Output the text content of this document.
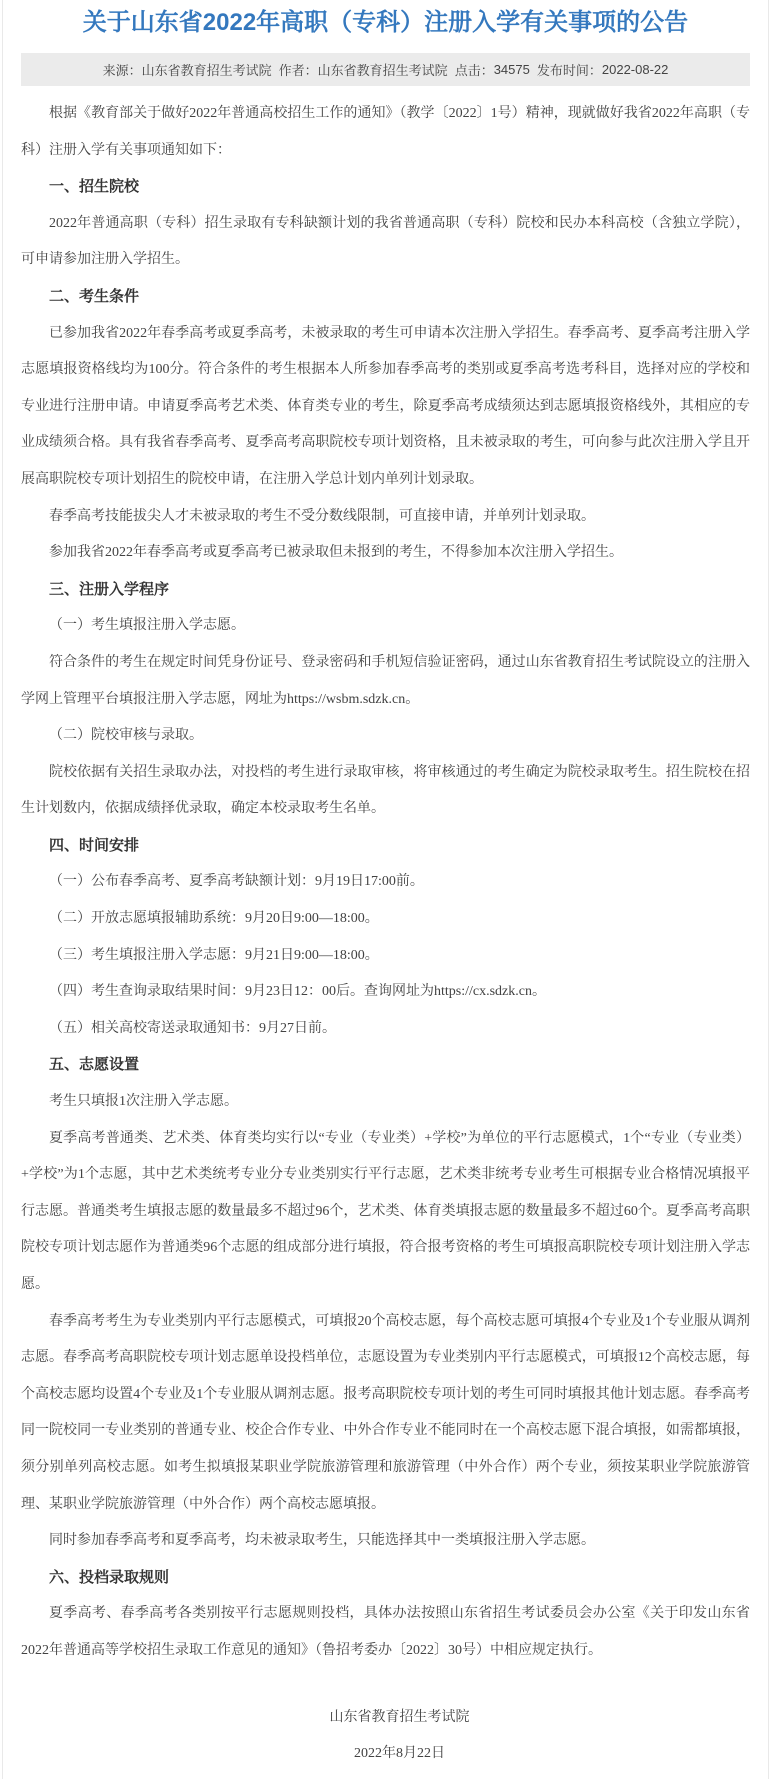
关于山东省2022年高职（专科）注册入学有关事项的公告
来源： 山东省教育招生考试院 作者： 山东省教育招生考试院 点击： 34575 发布时间： 2022-08-22

根据《教育部关于做好2022年普通高校招生工作的通知》（教学〔2022〕1号）精神，现就做好我省2022年高职（专科）注册入学有关事项通知如下：

一、招生院校

2022年普通高职（专科）招生录取有专科缺额计划的我省普通高职（专科）院校和民办本科高校（含独立学院），可申请参加注册入学招生。

二、考生条件

已参加我省2022年春季高考或夏季高考，未被录取的考生可申请本次注册入学招生。春季高考、夏季高考注册入学志愿填报资格线均为100分。符合条件的考生根据本人所参加春季高考的类别或夏季高考选考科目，选择对应的学校和专业进行注册申请。申请夏季高考艺术类、体育类专业的考生，除夏季高考成绩须达到志愿填报资格线外，其相应的专业成绩须合格。具有我省春季高考、夏季高考高职院校专项计划资格，且未被录取的考生，可向参与此次注册入学且开展高职院校专项计划招生的院校申请，在注册入学总计划内单列计划录取。

春季高考技能拔尖人才未被录取的考生不受分数线限制，可直接申请，并单列计划录取。

参加我省2022年春季高考或夏季高考已被录取但未报到的考生，不得参加本次注册入学招生。

三、注册入学程序

（一）考生填报注册入学志愿。

符合条件的考生在规定时间凭身份证号、登录密码和手机短信验证密码，通过山东省教育招生考试院设立的注册入学网上管理平台填报注册入学志愿，网址为https://wsbm.sdzk.cn。

（二）院校审核与录取。

院校依据有关招生录取办法，对投档的考生进行录取审核，将审核通过的考生确定为院校录取考生。招生院校在招生计划数内，依据成绩择优录取，确定本校录取考生名单。

四、时间安排

（一）公布春季高考、夏季高考缺额计划：9月19日17:00前。

（二）开放志愿填报辅助系统：9月20日9:00—18:00。

（三）考生填报注册入学志愿：9月21日9:00—18:00。

（四）考生查询录取结果时间：9月23日12：00后。查询网址为https://cx.sdzk.cn。

（五）相关高校寄送录取通知书：9月27日前。

五、志愿设置

考生只填报1次注册入学志愿。

夏季高考普通类、艺术类、体育类均实行以“专业（专业类）+学校”为单位的平行志愿模式，1个“专业（专业类）+学校”为1个志愿，其中艺术类统考专业分专业类别实行平行志愿，艺术类非统考专业考生可根据专业合格情况填报平行志愿。普通类考生填报志愿的数量最多不超过96个，艺术类、体育类填报志愿的数量最多不超过60个。夏季高考高职院校专项计划志愿作为普通类96个志愿的组成部分进行填报，符合报考资格的考生可填报高职院校专项计划注册入学志愿。

春季高考考生为专业类别内平行志愿模式，可填报20个高校志愿，每个高校志愿可填报4个专业及1个专业服从调剂志愿。春季高考高职院校专项计划志愿单设投档单位，志愿设置为专业类别内平行志愿模式，可填报12个高校志愿，每个高校志愿均设置4个专业及1个专业服从调剂志愿。报考高职院校专项计划的考生可同时填报其他计划志愿。春季高考同一院校同一专业类别的普通专业、校企合作专业、中外合作专业不能同时在一个高校志愿下混合填报，如需都填报，须分别单列高校志愿。如考生拟填报某职业学院旅游管理和旅游管理（中外合作）两个专业，须按某职业学院旅游管理、某职业学院旅游管理（中外合作）两个高校志愿填报。

同时参加春季高考和夏季高考，均未被录取考生，只能选择其中一类填报注册入学志愿。

六、投档录取规则

夏季高考、春季高考各类别按平行志愿规则投档，具体办法按照山东省招生考试委员会办公室《关于印发山东省2022年普通高等学校招生录取工作意见的通知》（鲁招考委办〔2022〕30号）中相应规定执行。

山东省教育招生考试院

2022年8月22日
